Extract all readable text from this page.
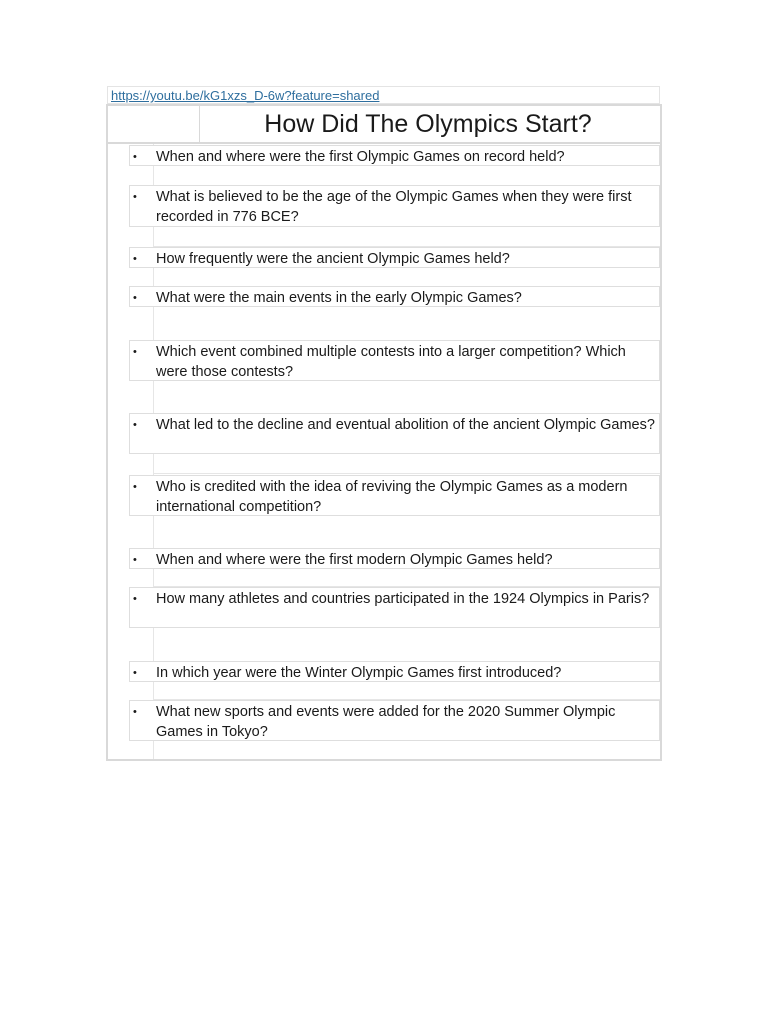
https://youtu.be/kG1xzs_D-6w?feature=shared
How Did The Olympics Start?
• When and where were the first Olympic Games on record held?
• What is believed to be the age of the Olympic Games when they were first recorded in 776 BCE?
• How frequently were the ancient Olympic Games held?
• What were the main events in the early Olympic Games?
• Which event combined multiple contests into a larger competition? Which were those contests?
• What led to the decline and eventual abolition of the ancient Olympic Games?
• Who is credited with the idea of reviving the Olympic Games as a modern international competition?
• When and where were the first modern Olympic Games held?
• How many athletes and countries participated in the 1924 Olympics in Paris?
• In which year were the Winter Olympic Games first introduced?
• What new sports and events were added for the 2020 Summer Olympic Games in Tokyo?
